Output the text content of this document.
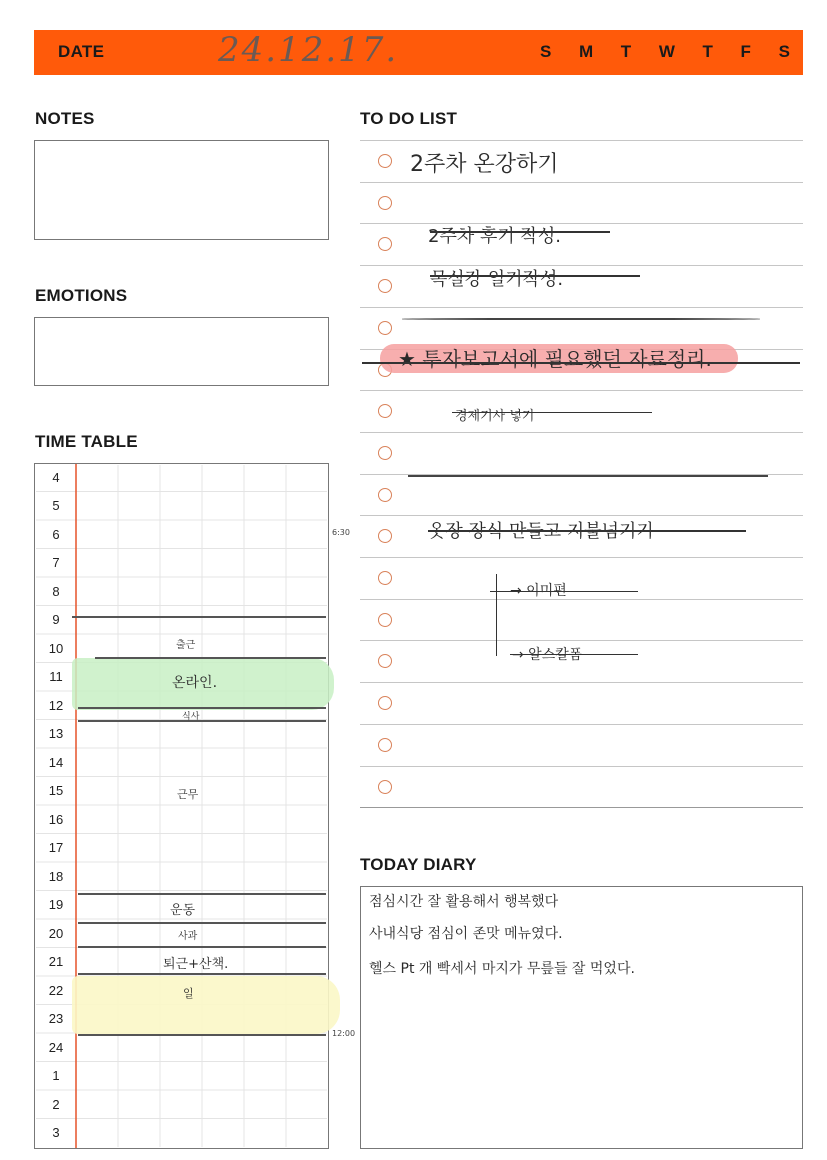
DATE	24.12.17.	S M T W T F S
NOTES
EMOTIONS
TIME TABLE
4
5
6
7
8
9
10
11
12
13
14
15
16
17
18
19
20
21
22
23
24
1
2
3
6:30
12:00
출근
온라인.
식사
근무
운동
사과
퇴근+산책.
일
TO DO LIST
2주차 온강하기
2주차 후기 작성.
목실강 일기작성.
★ 투자보고서에 필요했던 자료정리.
경제기사 넣기
옷장 장식 만들고 지불넘기기
→ 이미편
→ 알스칼폼
TODAY DIARY
점심시간 잘 활용해서 행복했다
사내식당 점심이 존맛 메뉴였다.
헬스 Pt 개 빡세서 마지가 무릎들 잘 먹었다.
